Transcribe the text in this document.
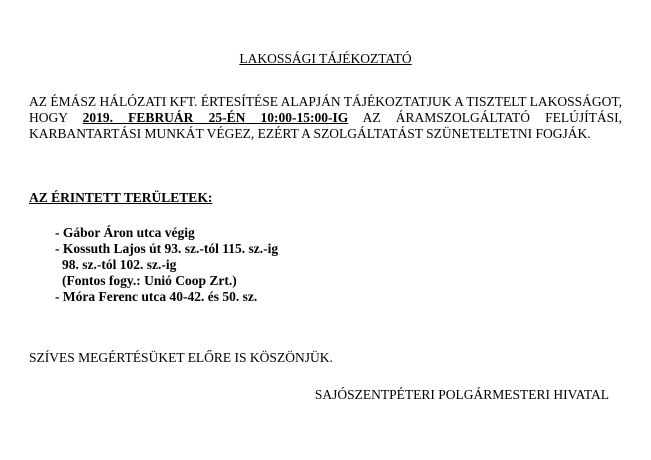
LAKOSSÁGI TÁJÉKOZTATÓ

AZ ÉMÁSZ HÁLÓZATI KFT. ÉRTESÍTÉSE ALAPJÁN TÁJÉKOZTATJUK A TISZTELT LAKOSSÁGOT, HOGY 2019. FEBRUÁR 25-ÉN 10:00-15:00-IG AZ ÁRAMSZOLGÁLTATÓ FELÚJÍTÁSI, KARBANTARTÁSI MUNKÁT VÉGEZ, EZÉRT A SZOLGÁLTATÁST SZÜNETELTETNI FOGJÁK.

AZ ÉRINTETT TERÜLETEK:
- Gábor Áron utca végig
- Kossuth Lajos út 93. sz.-tól 115. sz.-ig
98. sz.-tól 102. sz.-ig
(Fontos fogy.: Unió Coop Zrt.)
- Móra Ferenc utca 40-42. és 50. sz.
SZÍVES MEGÉRTÉSÜKET ELŐRE IS KÖSZÖNJÜK.
SAJÓSZENTPÉTERI POLGÁRMESTERI HIVATAL
